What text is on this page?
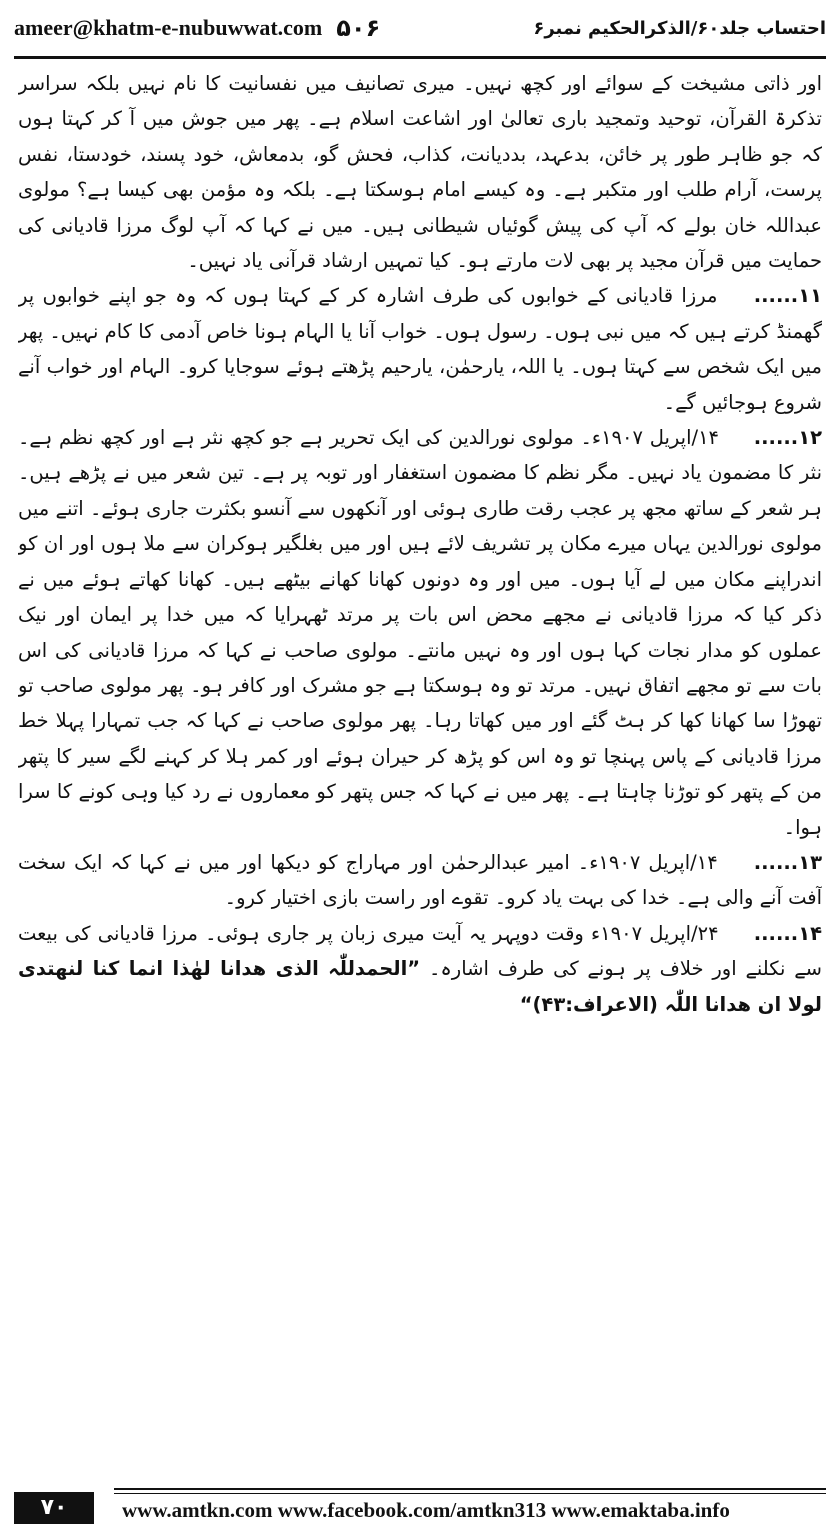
ameer@khatm-e-nubuwwat.com ۵۰۶	احتساب جلد۶۰/الذکرالحکیم نمبر۶

اور ذاتی مشیخت کے سوائے اور کچھ نہیں۔ میری تصانیف میں نفسانیت کا نام نہیں بلکہ سراسر تذکرۃ القرآن، توحید وتمجید باری تعالیٰ اور اشاعت اسلام ہے۔ پھر میں جوش میں آ کر کہتا ہوں کہ جو ظاہر طور پر خائن، بدعہد، بددیانت، کذاب، فحش گو، بدمعاش، خود پسند، خودستا، نفس پرست، آرام طلب اور متکبر ہے۔ وہ کیسے امام ہوسکتا ہے۔ بلکہ وہ مؤمن بھی کیسا ہے؟ مولوی عبداللہ خان بولے کہ آپ کی پیش گوئیاں شیطانی ہیں۔ میں نے کہا کہ آپ لوگ مرزا قادیانی کی حمایت میں قرآن مجید پر بھی لات مارتے ہو۔ کیا تمہیں ارشاد قرآنی یاد نہیں۔

۱۱...... مرزا قادیانی کے خوابوں کی طرف اشارہ کر کے کہتا ہوں کہ وہ جو اپنے خوابوں پر گھمنڈ کرتے ہیں کہ میں نبی ہوں۔ رسول ہوں۔ خواب آنا یا الہام ہونا خاص آدمی کا کام نہیں۔ پھر میں ایک شخص سے کہتا ہوں۔ یا اللہ، یارحمٰن، یارحیم پڑھتے ہوئے سوجایا کرو۔ الہام اور خواب آنے شروع ہوجائیں گے۔

۱۲...... ۱۴/اپریل ۱۹۰۷ء۔ مولوی نورالدین کی ایک تحریر ہے جو کچھ نثر ہے اور کچھ نظم ہے۔ نثر کا مضمون یاد نہیں۔ مگر نظم کا مضمون استغفار اور توبہ پر ہے۔ تین شعر میں نے پڑھے ہیں۔ ہر شعر کے ساتھ مجھ پر عجب رقت طاری ہوئی اور آنکھوں سے آنسو بکثرت جاری ہوئے۔ اتنے میں مولوی نورالدین یہاں میرے مکان پر تشریف لائے ہیں اور میں بغلگیر ہوکران سے ملا ہوں اور ان کو اندراپنے مکان میں لے آیا ہوں۔ میں اور وہ دونوں کھانا کھانے بیٹھے ہیں۔ کھانا کھاتے ہوئے میں نے ذکر کیا کہ مرزا قادیانی نے مجھے محض اس بات پر مرتد ٹھہرایا کہ میں خدا پر ایمان اور نیک عملوں کو مدار نجات کہا ہوں اور وہ نہیں مانتے۔ مولوی صاحب نے کہا کہ مرزا قادیانی کی اس بات سے تو مجھے اتفاق نہیں۔ مرتد تو وہ ہوسکتا ہے جو مشرک اور کافر ہو۔ پھر مولوی صاحب تو تھوڑا سا کھانا کھا کر ہٹ گئے اور میں کھاتا رہا۔ پھر مولوی صاحب نے کہا کہ جب تمہارا پہلا خط مرزا قادیانی کے پاس پہنچا تو وہ اس کو پڑھ کر حیران ہوئے اور کمر ہلا کر کہنے لگے سیر کا پتھر من کے پتھر کو توڑنا چاہتا ہے۔ پھر میں نے کہا کہ جس پتھر کو معماروں نے رد کیا وہی کونے کا سرا ہوا۔

۱۳...... ۱۴/اپریل ۱۹۰۷ء۔ امیر عبدالرحمٰن اور مہاراج کو دیکھا اور میں نے کہا کہ ایک سخت آفت آنے والی ہے۔ خدا کی بہت یاد کرو۔ تقوے اور راست بازی اختیار کرو۔

۱۴...... ۲۴/اپریل ۱۹۰۷ء وقت دوپہر یہ آیت میری زبان پر جاری ہوئی۔ مرزا قادیانی کی بیعت سے نکلنے اور خلاف پر ہونے کی طرف اشارہ۔ ”الحمدللّٰہ الذی ھدانا لھٰذا انما کنا لنھتدی لولا ان ھدانا اللّٰہ (الاعراف:۴۳)“

۷۰	www.amtkn.com www.facebook.com/amtkn313 www.emaktaba.info
